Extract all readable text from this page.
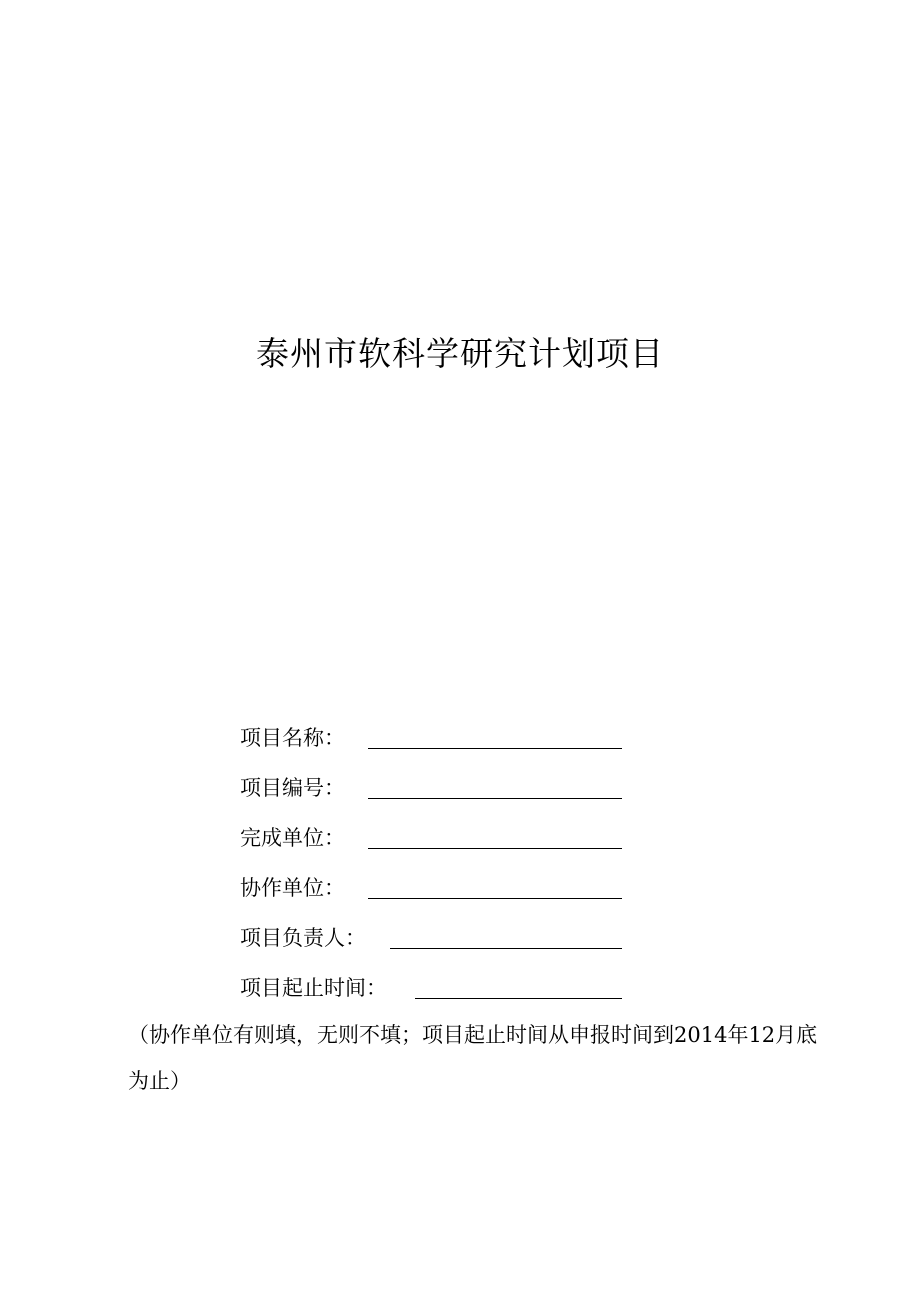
泰州市软科学研究计划项目
项目名称：
项目编号：
完成单位：
协作单位：
项目负责人：
项目起止时间：
（协作单位有则填，无则不填；项目起止时间从申报时间到2014年12月底为止）
